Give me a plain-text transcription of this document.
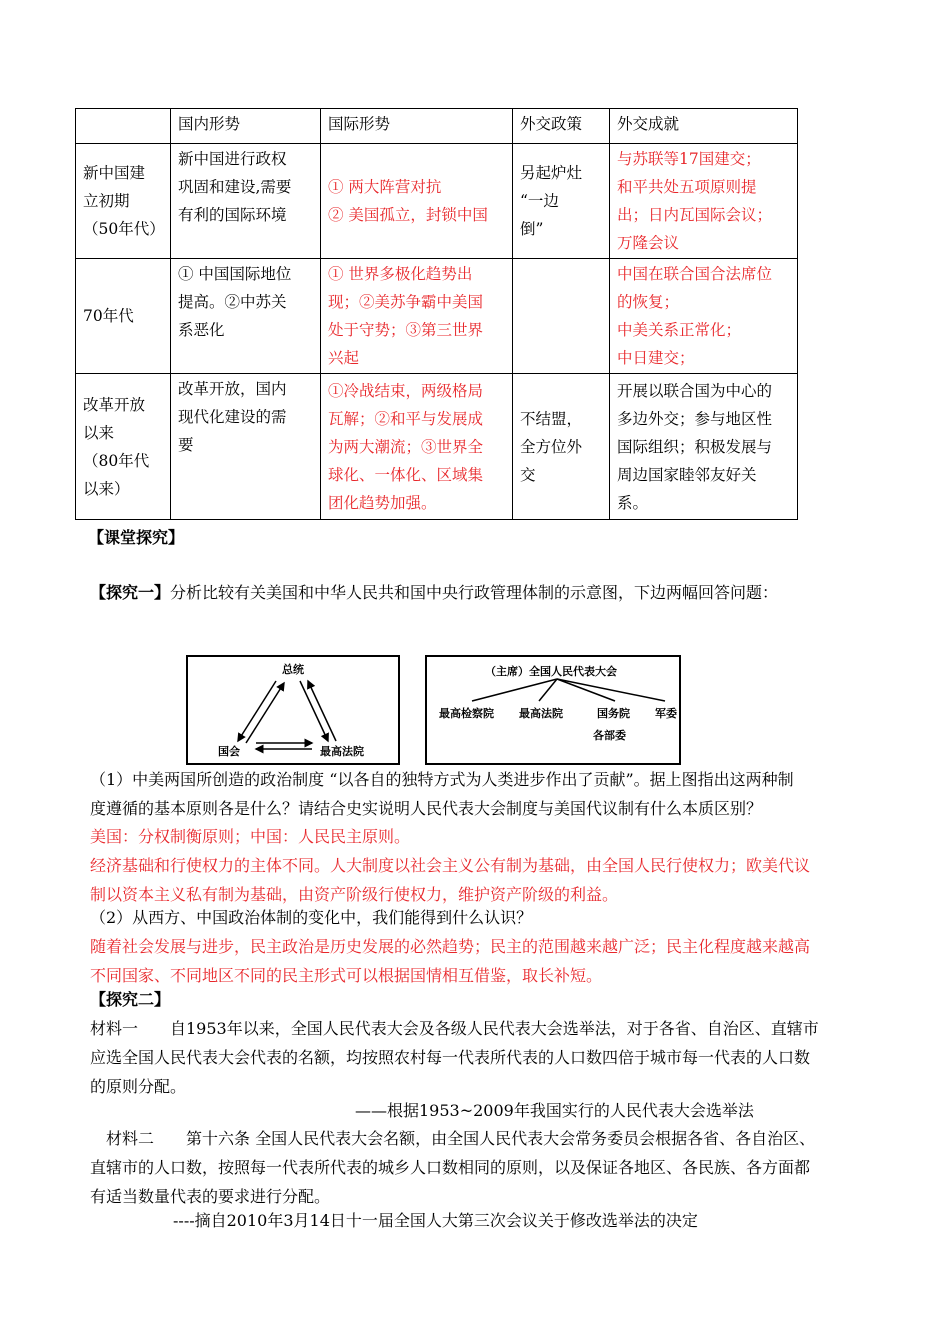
	国内形势	国际形势	外交政策	外交成就

新中国建
立初期
（50年代）	新中国进行政权
巩固和建设,需要
有利的国际环境	① 两大阵营对抗
② 美国孤立，封锁中国	另起炉灶
“一边
倒”	与苏联等17国建交；
和平共处五项原则提
出；日内瓦国际会议；
万隆会议

70年代	① 中国国际地位
提高。②中苏关
系恶化	① 世界多极化趋势出
现；②美苏争霸中美国
处于守势；③第三世界
兴起		中国在联合国合法席位
的恢复；
中美关系正常化；
中日建交；

改革开放
以来
（80年代
以来）	改革开放，国内
现代化建设的需
要	①冷战结束，两级格局
瓦解；②和平与发展成
为两大潮流；③世界全
球化、一体化、区域集
团化趋势加强。	不结盟，
全方位外
交	开展以联合国为中心的
多边外交；参与地区性
国际组织；积极发展与
周边国家睦邻友好关
系。
【课堂探究】
【探究一】分析比较有关美国和中华人民共和国中央行政管理体制的示意图，下边两幅回答问题：
总统
国会	最高法院
（主席）全国人民代表大会
最高检察院 最高法院	国务院 军委
各部委
（1）中美两国所创造的政治制度 “以各自的独特方式为人类进步作出了贡献”。据上图指出这两种制
度遵循的基本原则各是什么？请结合史实说明人民代表大会制度与美国代议制有什么本质区别？
美国：分权制衡原则；中国：人民民主原则。
经济基础和行使权力的主体不同。人大制度以社会主义公有制为基础，由全国人民行使权力；欧美代议
制以资本主义私有制为基础，由资产阶级行使权力，维护资产阶级的利益。
（2）从西方、中国政治体制的变化中，我们能得到什么认识？
随着社会发展与进步，民主政治是历史发展的必然趋势；民主的范围越来越广泛；民主化程度越来越高
不同国家、不同地区不同的民主形式可以根据国情相互借鉴，取长补短。
【探究二】
材料一　　自1953年以来，全国人民代表大会及各级人民代表大会选举法，对于各省、自治区、直辖市
应选全国人民代表大会代表的名额，均按照农村每一代表所代表的人口数四倍于城市每一代表的人口数
的原则分配。
——根据1953~2009年我国实行的人民代表大会选举法
材料二　　第十六条 全国人民代表大会名额，由全国人民代表大会常务委员会根据各省、各自治区、
直辖市的人口数，按照每一代表所代表的城乡人口数相同的原则，以及保证各地区、各民族、各方面都
有适当数量代表的要求进行分配。
----摘自2010年3月14日十一届全国人大第三次会议关于修改选举法的决定
